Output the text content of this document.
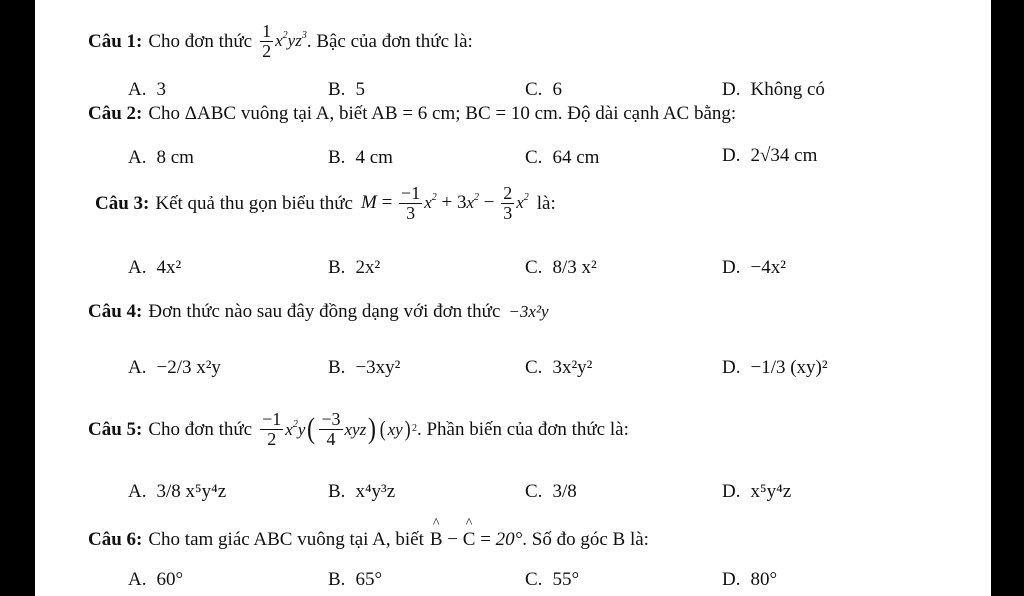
Câu 1: Cho đơn thức $\frac{1}{2} x^2yz^3$ . Bậc của đơn thức là:
A. 3	B. 5	C. 6	D. Không có
Câu 2: Cho ΔABC vuông tại A, biết AB = 6 cm; BC = 10 cm. Độ dài cạnh AC bằng:
A. 8 cm	B. 4 cm	C. 64 cm	D. 2√34 cm
Câu 3: Kết quả thu gọn biểu thức $M = \frac{-1}{3} x^2 + 3x^2 - \frac{2}{3} x^2$ là:
A. 4x²	B. 2x²	C. 8/3 x²	D. −4x²
Câu 4: Đơn thức nào sau đây đồng dạng với đơn thức −3x²y
A. −2/3 x²y	B. −3xy²	C. 3x²y²	D. −1/3 (xy)²
Câu 5: Cho đơn thức $\frac{-1}{2} x^2y$ ( $\frac{-3}{4}$ xyz ) ( xy ) 2 . Phần biến của đơn thức là:
A. 3/8 x⁵y⁴z	B. x⁴y³z	C. 3/8	D. x⁵y⁴z
Câu 6: Cho tam giác ABC vuông tại A, biết
^ B − ^ C = 20° . Số đo góc B là:
A. 60°	B. 65°	C. 55°	D. 80°
